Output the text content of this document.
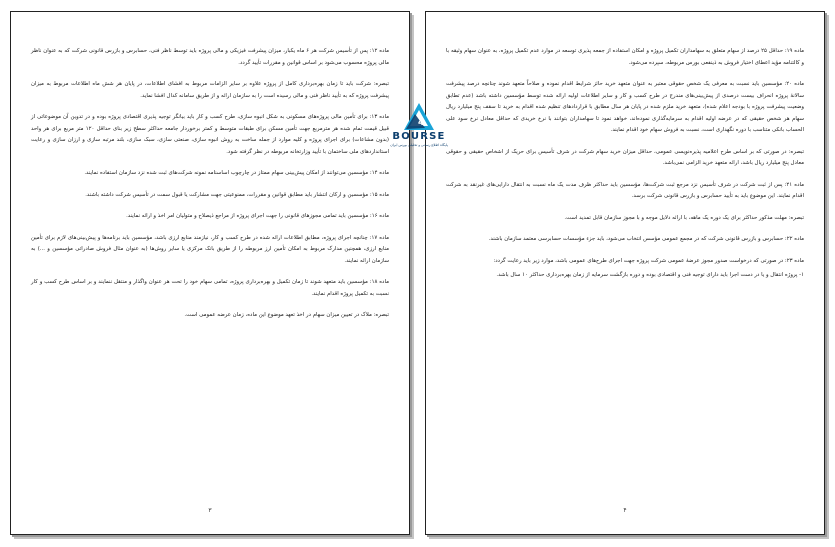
ماده ۱۲: پس از تأسیس شرکت هر ۶ ماه یکبار، میزان پیشرفت فیزیکی و مالی پروژه باید توسط ناظر فنی، حسابرس و بازرس قانونی شرکت که به عنوان ناظر مالی پروژه محسوب می‌شود بر اساس قوانین و مقررات تأیید گردد.

تبصره: شرکت باید تا زمان بهره‌برداری کامل از پروژه علاوه بر سایر الزامات مربوط به افشای اطلاعات، در پایان هر شش ماه اطلاعات مربوط به میزان پیشرفت پروژه که به تأیید ناظر فنی و مالی رسیده است را به سازمان ارائه و از طریق سامانه کدال افشا نماید.

ماده ۱۳: برای تأمین مالی پروژه‌های مسکونی به شکل انبوه سازی، طرح کسب و کار باید بیانگر توجیه پذیری اقتصادی پروژه بوده و در تدوین آن موضوعاتی از قبیل قیمت تمام شده هر مترمربع جهت تأمین مسکن برای طبقات متوسط و کمتر برخوردار جامعه حداکثر سطح زیر بنای حداقل ۱۲۰ متر مربع برای هر واحد (بدون مشاعات) برای اجرای پروژه و کلیه موارد از جمله ساخت به روش انبوه سازی، صنعتی سازی، سبک سازی، بلند مرتبه سازی و ارزان سازی و رعایت استانداردهای ملی ساختمان با تأیید وزارتخانه مربوطه در نظر گرفته شود.

ماده ۱۴: مؤسسین می‌توانند از امکان پیش‌بینی سهام ممتاز در چارچوب اساسنامه نمونه شرکت‌های ثبت شده نزد سازمان استفاده نمایند.

ماده ۱۵: مؤسسین و ارکان انتشار باید مطابق قوانین و مقررات، ممنوعیتی جهت مشارکت یا قبول سمت در تأسیس شرکت داشته باشند.

ماده ۱۶: مؤسسین باید تمامی مجوزهای قانونی را جهت اجرای پروژه از مراجع ذیصلاح و متولیان امر اخذ و ارائه نمایند.

ماده ۱۷: چنانچه اجرای پروژه، مطابق اطلاعات ارائه شده در طرح کسب و کار، نیازمند منابع ارزی باشد، مؤسسین باید برنامه‌ها و پیش‌بینی‌های لازم برای تأمین منابع ارزی، همچنین مدارک مربوط به امکان تأمین ارز مربوطه را از طریق بانک مرکزی یا سایر روش‌ها (به عنوان مثال فروش صادراتی مؤسسین و ...) به سازمان ارائه نمایند.

ماده ۱۸: مؤسسین باید متعهد شوند تا زمان تکمیل و بهره‌برداری پروژه، تمامی سهام خود را تحت هر عنوان واگذار و منتقل ننمایند و بر اساس طرح کسب و کار نسبت به تکمیل پروژه اقدام نمایند.

تبصره: ملاک در تعیین میزان سهام در اخذ تعهد موضوع این ماده، زمان عرضه عمومی است.

۳

ماده ۱۹: حداقل ۲۵ درصد از سهام متعلق به سهامداران تکمیل پروژه و امکان استفاده از جمعه پذیری توسعه در موارد عدم تکمیل پروژه، به عنوان سهام وثیقه با و کالتنامه مؤید اعطای اختیار فروش به ذینفعی بورس مربوطه، سپرده می‌شود.

ماده ۲۰: مؤسسین باید نسبت به معرفی یک شخص حقوقی معتبر به عنوان متعهد خرید حائز شرایط اقدام نموده و صلاحاً متعهد شوند چنانچه درصد پیشرفت سالانهٔ پروژه انحراف بیست درصدی از پیش‌بینی‌های مندرج در طرح کسب و کار و سایر اطلاعات اولیه ارائه شده توسط مؤسسین داشته باشد (عدم تطابق وضعیت پیشرفت پروژه با بودجه اعلام شده)، متعهد خرید ملزم شده در پایان هر سال مطابق با قراردادهای تنظیم شده اقدام به خرید تا سقف پنج میلیارد ریال سهام هر شخص حقیقی که در عرضه اولیه اقدام به سرمایه‌گذاری نموده‌اند، خواهد نمود تا سهامداران بتوانند با نرخ خریدی که حداقل معادل نرخ سود علی الحساب بانکی متناسب با دوره نگهداری است، نسبت به فروش سهام خود اقدام نمایند.

تبصره: در صورتی که بر اساس طرح اعلامیه پذیره‌نویسی عمومی، حداقل میزان خرید سهام شرکت در شرف تأسیس برای حریک از اشخاص حقیقی و حقوقی معادل پنج میلیارد ریال باشد، ارائه متعهد خرید الزامی نمی‌باشد.

ماده ۲۱: پس از ثبت شرکت در شرف تأسیس نزد مرجع ثبت شرکت‌ها، مؤسسین باید حداکثر ظرف مدت یک ماه نسبت به انتقال دارایی‌های غیرنقد به شرکت اقدام نمایند. این موضوع باید به تأیید حسابرس و بازرس قانونی شرکت برسد.

تبصره: مهلت مذکور حداکثر برای یک دوره یک ماهه، با ارائه دلایل موجه و با مجوز سازمان قابل تمدید است.

ماده ۲۲: حسابرس و بازرس قانونی شرکت که در مجمع عمومی مؤسس انتخاب می‌شود، باید جزء مؤسسات حسابرسی معتمد سازمان باشند.

ماده ۲۳: در صورتی که درخواست صدور مجوز عرضهٔ عمومی شرکت پروژه جهت اجرای طرح‌های عمومی باشد، موارد زیر باید رعایت گردد:

۱- پروژه انتقال و یا در دست اجرا باید دارای توجیه فنی و اقتصادی بوده و دوره بازگشت سرمایه از زمان بهره‌برداری حداکثر ۱۰ سال باشد.

۴
4
BOURSE
پایگاه اطلاع رسانی و تحلیلی بورس ایران
